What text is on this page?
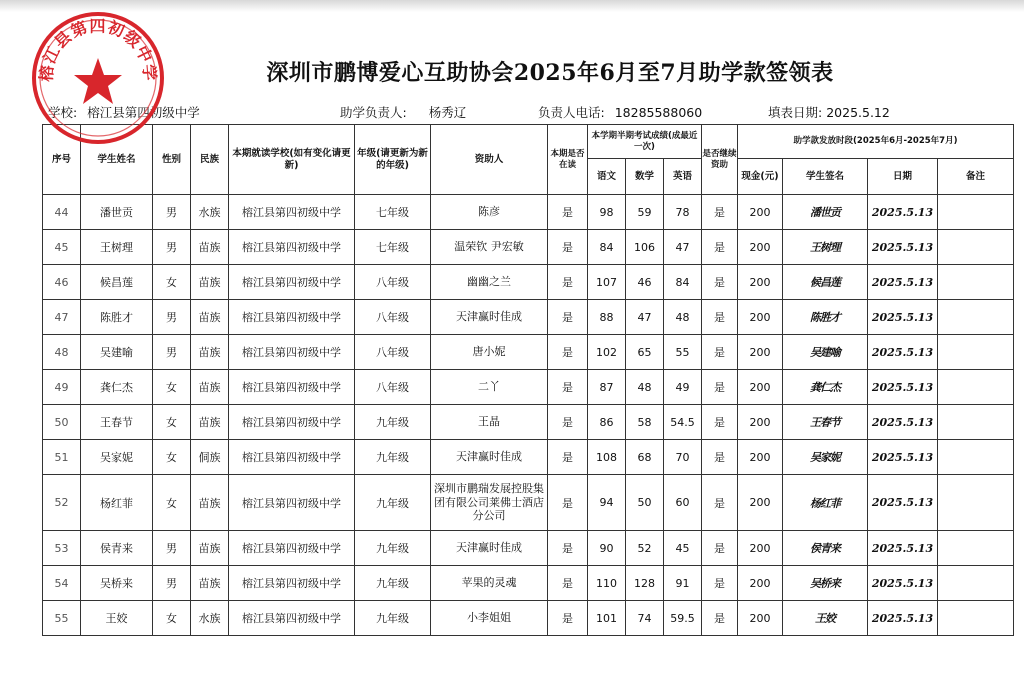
深圳市鹏博爱心互助协会2025年6月至7月助学款签领表
学校: 榕江县第四初级中学	助学负责人: 杨秀辽	负责人电话: 18285588060	填表日期: 2025.5.12
序号	学生姓名	性别	民族	本期就读学校(如有变化请更新)	年级(请更新为新的年级)	资助人	本期是否在读	本学期半期考试成绩(成最近一次)			是否继续资助	助学款发放时段(2025年6月-2025年7月)			
								语文	数学	英语		现金(元)	学生签名	日期	备注
44	潘世贡	男	水族	榕江县第四初级中学	七年级	陈彦	是	98	59	78	是	200	潘世贡	2025.5.13	
45	王树理	男	苗族	榕江县第四初级中学	七年级	温荣钦 尹宏敏	是	84	106	47	是	200	王树理	2025.5.13	
46	候昌莲	女	苗族	榕江县第四初级中学	八年级	幽幽之兰	是	107	46	84	是	200	候昌莲	2025.5.13	
47	陈胜才	男	苗族	榕江县第四初级中学	八年级	天津赢时佳成	是	88	47	48	是	200	陈胜才	2025.5.13	
48	吴建喻	男	苗族	榕江县第四初级中学	八年级	唐小妮	是	102	65	55	是	200	吴建喻	2025.5.13	
49	龚仁杰	女	苗族	榕江县第四初级中学	八年级	二丫	是	87	48	49	是	200	龚仁杰	2025.5.13	
50	王春节	女	苗族	榕江县第四初级中学	九年级	王晶	是	86	58	54.5	是	200	王春节	2025.5.13	
51	吴家妮	女	侗族	榕江县第四初级中学	九年级	天津赢时佳成	是	108	68	70	是	200	吴家妮	2025.5.13	
52	杨红菲	女	苗族	榕江县第四初级中学	九年级	深圳市鹏瑞发展控股集团有限公司莱佛士酒店分公司	是	94	50	60	是	200	杨红菲	2025.5.13	
53	侯青来	男	苗族	榕江县第四初级中学	九年级	天津赢时佳成	是	90	52	45	是	200	侯青来	2025.5.13	
54	吴桥来	男	苗族	榕江县第四初级中学	九年级	苹果的灵魂	是	110	128	91	是	200	吴桥来	2025.5.13	
55	王姣	女	水族	榕江县第四初级中学	九年级	小李姐姐	是	101	74	59.5	是	200	王姣	2025.5.13	
榕江县第四初级中学
